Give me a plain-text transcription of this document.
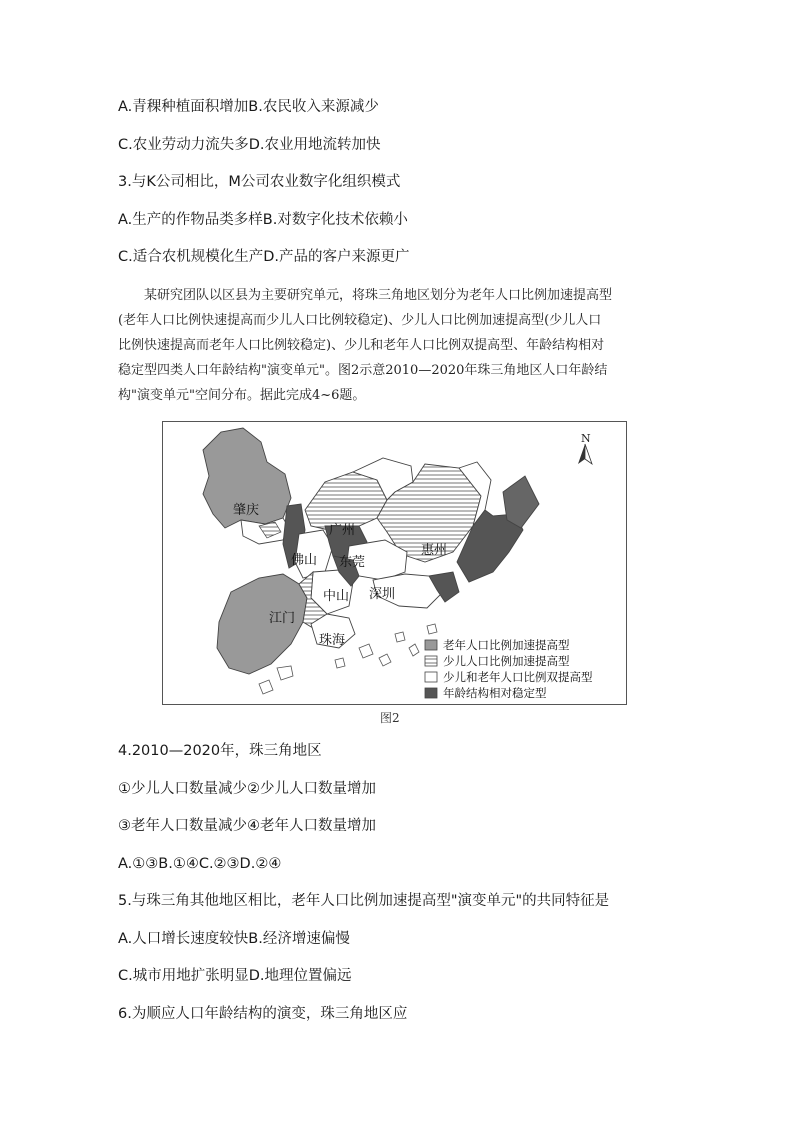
A.青稞种植面积增加B.农民收入来源减少
C.农业劳动力流失多D.农业用地流转加快
3.与K公司相比，M公司农业数字化组织模式
A.生产的作物品类多样B.对数字化技术依赖小
C.适合农机规模化生产D.产品的客户来源更广
某研究团队以区县为主要研究单元，将珠三角地区划分为老年人口比例加速提高型
(老年人口比例快速提高而少儿人口比例较稳定)、少儿人口比例加速提高型(少儿人口
比例快速提高而老年人口比例较稳定)、少儿和老年人口比例双提高型、年龄结构相对
稳定型四类人口年龄结构"演变单元"。图2示意2010—2020年珠三角地区人口年龄结
构"演变单元"空间分布。据此完成4~6题。
N
肇庆
广州
佛山 东莞
惠州
中山 深圳
江门
珠海	老年人口比例加速提高型
少儿人口比例加速提高型
少儿和老年人口比例双提高型
年龄结构相对稳定型
图2
4.2010—2020年，珠三角地区
①少儿人口数量减少②少儿人口数量增加
③老年人口数量减少④老年人口数量增加
A.①③B.①④C.②③D.②④
5.与珠三角其他地区相比，老年人口比例加速提高型"演变单元"的共同特征是
A.人口增长速度较快B.经济增速偏慢
C.城市用地扩张明显D.地理位置偏远
6.为顺应人口年龄结构的演变，珠三角地区应
